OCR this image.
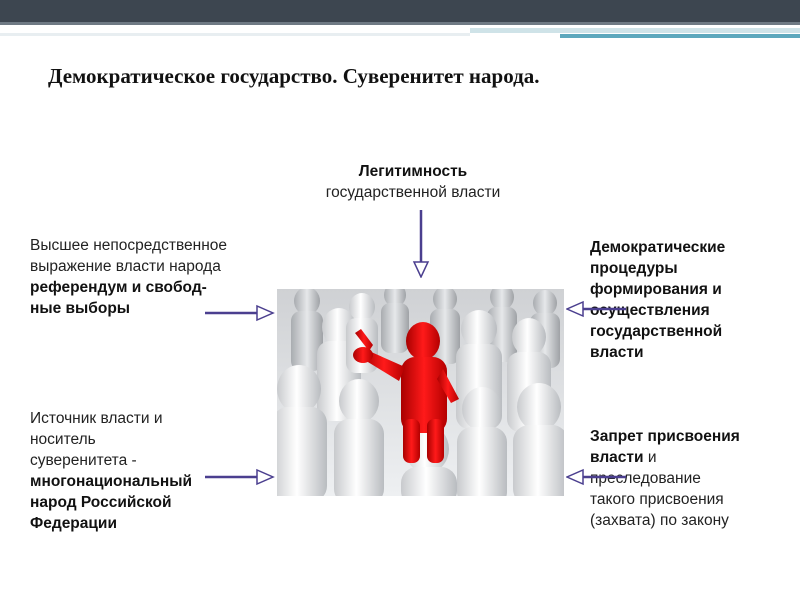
Демократическое государство. Суверенитет народа.
Легитимность
государственной власти
Высшее непосредственное
выражение власти народа
референдум и свобод-
ные выборы
Источник власти и
носитель
суверенитета -
многонациональный
народ Российской
Федерации
Демократические
процедуры
формирования и
осуществления
государственной
власти
Запрет присвоения
власти и
преследование
такого присвоения
(захвата) по закону
